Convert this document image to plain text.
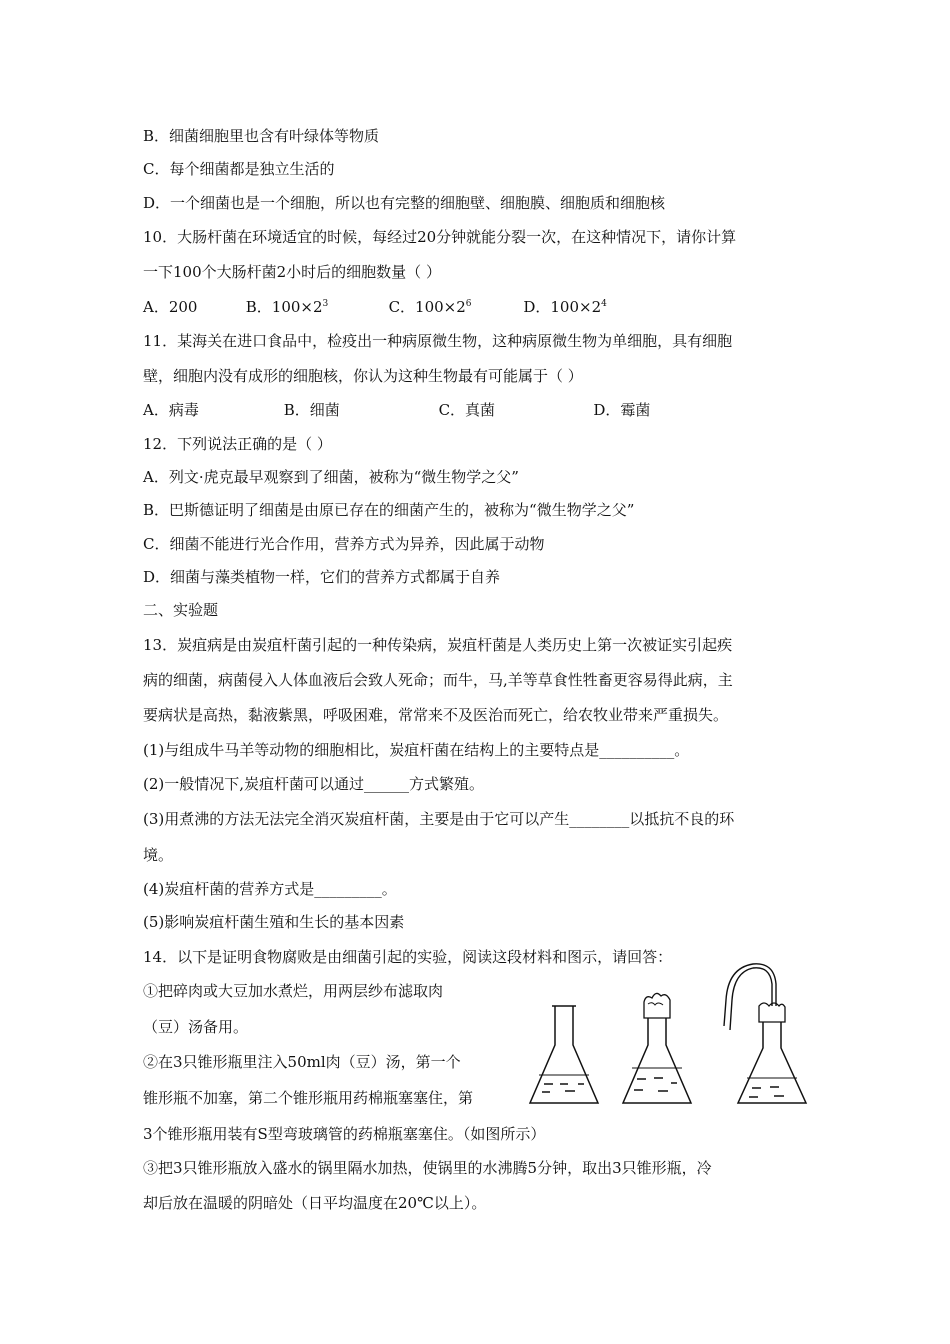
B．细菌细胞里也含有叶绿体等物质
C．每个细菌都是独立生活的
D．一个细菌也是一个细胞，所以也有完整的细胞壁、细胞膜、细胞质和细胞核
10．大肠杆菌在环境适宜的时候，每经过20分钟就能分裂一次，在这种情况下，请你计算
一下100个大肠杆菌2小时后的细胞数量（ ）
A．200	B．$100\times 2^3$	C．$100\times 2^6$	D．$100\times 2^4$
11．某海关在进口食品中，检疫出一种病原微生物，这种病原微生物为单细胞，具有细胞
壁，细胞内没有成形的细胞核，你认为这种生物最有可能属于（ ）
A．病毒	B．细菌	C．真菌	D．霉菌
12．下列说法正确的是（ ）
A．列文·虎克最早观察到了细菌，被称为“微生物学之父”
B．巴斯德证明了细菌是由原已存在的细菌产生的，被称为“微生物学之父”
C．细菌不能进行光合作用，营养方式为异养，因此属于动物
D．细菌与藻类植物一样，它们的营养方式都属于自养
二、实验题
13．炭疽病是由炭疽杆菌引起的一种传染病，炭疽杆菌是人类历史上第一次被证实引起疾
病的细菌，病菌侵入人体血液后会致人死命；而牛，马,羊等草食性牲畜更容易得此病，主
要病状是高热，黏液紫黑，呼吸困难，常常来不及医治而死亡，给农牧业带来严重损失。
(1)与组成牛马羊等动物的细胞相比，炭疽杆菌在结构上的主要特点是__________。
(2)一般情况下,炭疽杆菌可以通过______方式繁殖。
(3)用煮沸的方法无法完全消灭炭疽杆菌，主要是由于它可以产生________以抵抗不良的环
境。
(4)炭疽杆菌的营养方式是_________。
(5)影响炭疽杆菌生殖和生长的基本因素
14．以下是证明食物腐败是由细菌引起的实验，阅读这段材料和图示，请回答：
①把碎肉或大豆加水煮烂，用两层纱布滤取肉
（豆）汤备用。
②在3只锥形瓶里注入50ml肉（豆）汤，第一个
锥形瓶不加塞，第二个锥形瓶用药棉瓶塞塞住，第
3个锥形瓶用装有S型弯玻璃管的药棉瓶塞塞住。（如图所示）
③把3只锥形瓶放入盛水的锅里隔水加热，使锅里的水沸腾5分钟，取出3只锥形瓶，冷
却后放在温暖的阴暗处（日平均温度在20℃以上）。
